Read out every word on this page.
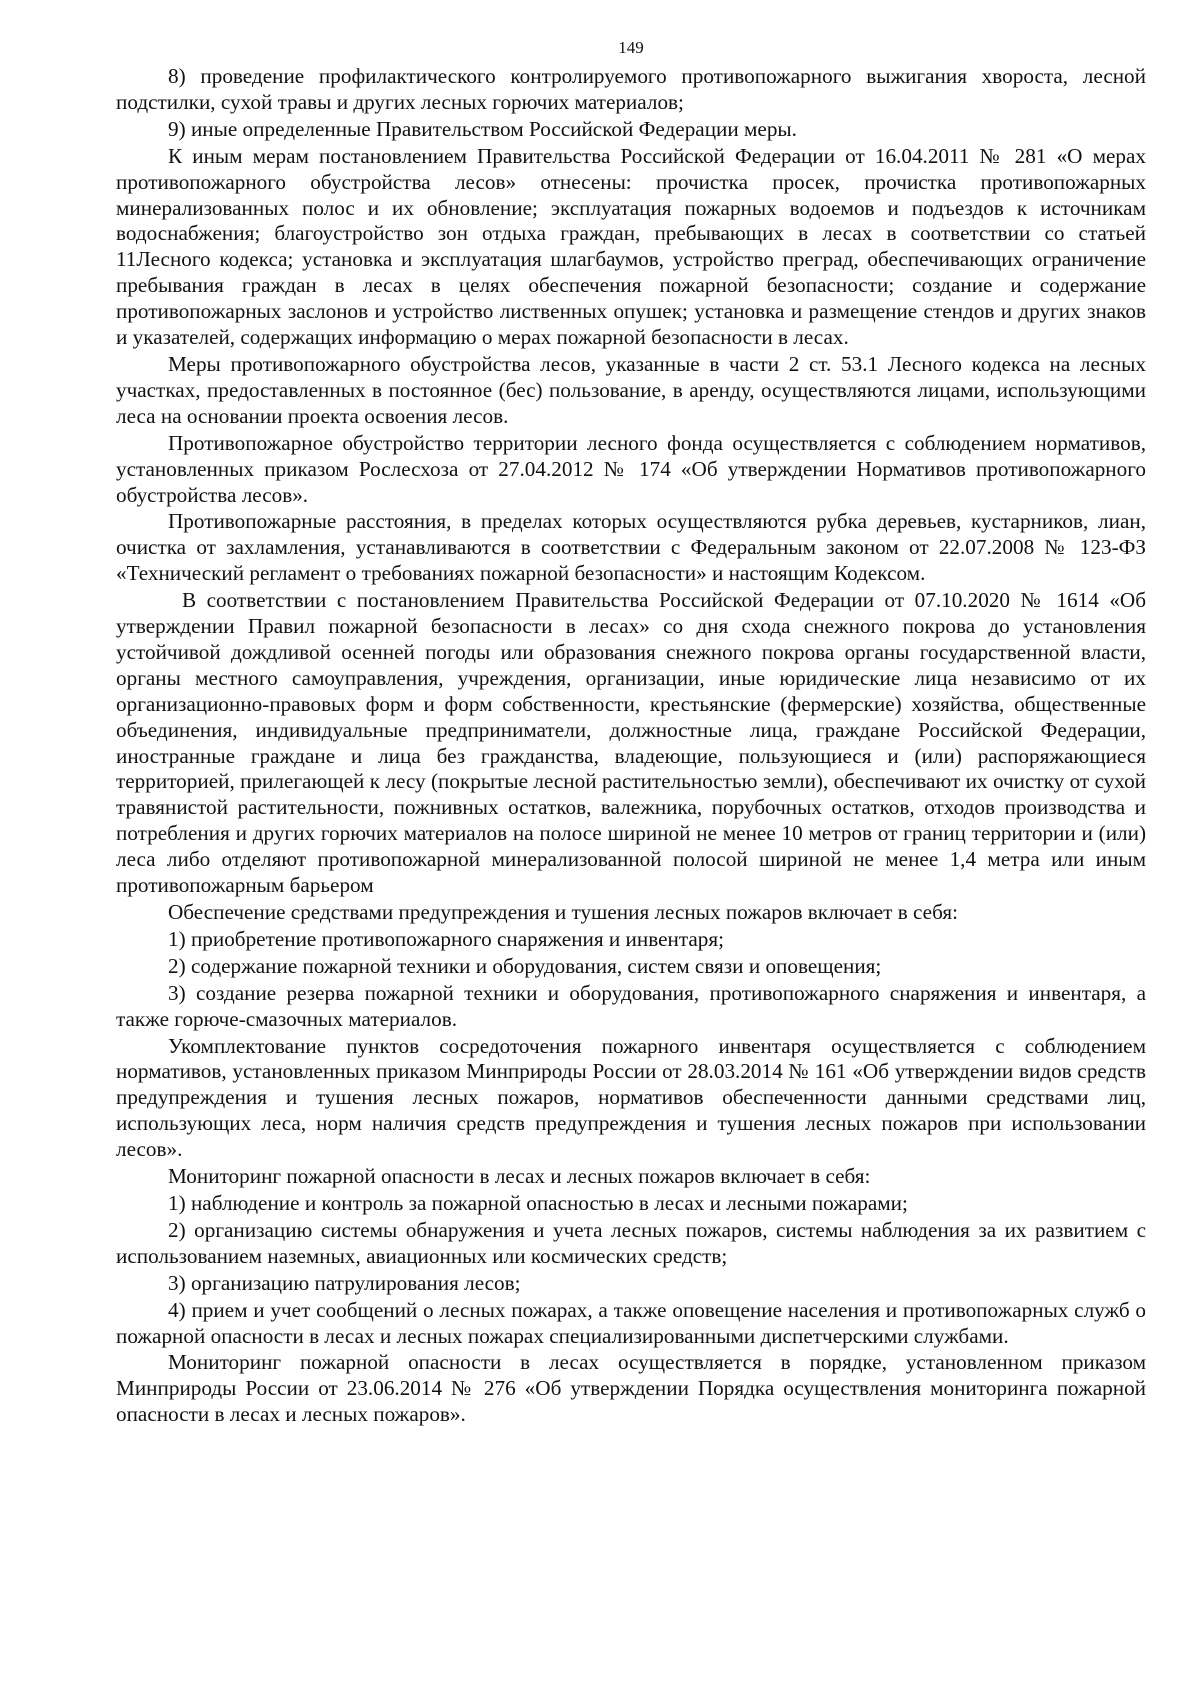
149

8) проведение профилактического контролируемого противопожарного выжигания хвороста, лесной подстилки, сухой травы и других лесных горючих материалов;

9) иные определенные Правительством Российской Федерации меры.

К иным мерам постановлением Правительства Российской Федерации от 16.04.2011 № 281 «О мерах противопожарного обустройства лесов» отнесены: прочистка просек, прочистка противопожарных минерализованных полос и их обновление; эксплуатация пожарных водоемов и подъездов к источникам водоснабжения; благоустройство зон отдыха граждан, пребывающих в лесах в соответствии со статьей 11Лесного кодекса; установка и эксплуатация шлагбаумов, устройство преград, обеспечивающих ограничение пребывания граждан в лесах в целях обеспечения пожарной безопасности; создание и содержание противопожарных заслонов и устройство лиственных опушек; установка и размещение стендов и других знаков и указателей, содержащих информацию о мерах пожарной безопасности в лесах.

Меры противопожарного обустройства лесов, указанные в части 2 ст. 53.1 Лесного кодекса на лесных участках, предоставленных в постоянное (бес) пользование, в аренду, осуществляются лицами, использующими леса на основании проекта освоения лесов.

Противопожарное обустройство территории лесного фонда осуществляется с соблюдением нормативов, установленных приказом Рослесхоза от 27.04.2012 № 174 «Об утверждении Нормативов противопожарного обустройства лесов».

Противопожарные расстояния, в пределах которых осуществляются рубка деревьев, кустарников, лиан, очистка от захламления, устанавливаются в соответствии с Федеральным законом от 22.07.2008 № 123-ФЗ «Технический регламент о требованиях пожарной безопасности» и настоящим Кодексом.

В соответствии с постановлением Правительства Российской Федерации от 07.10.2020 № 1614 «Об утверждении Правил пожарной безопасности в лесах» со дня схода снежного покрова до установления устойчивой дождливой осенней погоды или образования снежного покрова органы государственной власти, органы местного самоуправления, учреждения, организации, иные юридические лица независимо от их организационно-правовых форм и форм собственности, крестьянские (фермерские) хозяйства, общественные объединения, индивидуальные предприниматели, должностные лица, граждане Российской Федерации, иностранные граждане и лица без гражданства, владеющие, пользующиеся и (или) распоряжающиеся территорией, прилегающей к лесу (покрытые лесной растительностью земли), обеспечивают их очистку от сухой травянистой растительности, пожнивных остатков, валежника, порубочных остатков, отходов производства и потребления и других горючих материалов на полосе шириной не менее 10 метров от границ территории и (или) леса либо отделяют противопожарной минерализованной полосой шириной не менее 1,4 метра или иным противопожарным барьером

Обеспечение средствами предупреждения и тушения лесных пожаров включает в себя:

1) приобретение противопожарного снаряжения и инвентаря;

2) содержание пожарной техники и оборудования, систем связи и оповещения;

3) создание резерва пожарной техники и оборудования, противопожарного снаряжения и инвентаря, а также горюче-смазочных материалов.

Укомплектование пунктов сосредоточения пожарного инвентаря осуществляется с соблюдением нормативов, установленных приказом Минприроды России от 28.03.2014 № 161 «Об утверждении видов средств предупреждения и тушения лесных пожаров, нормативов обеспеченности данными средствами лиц, использующих леса, норм наличия средств предупреждения и тушения лесных пожаров при использовании лесов».

Мониторинг пожарной опасности в лесах и лесных пожаров включает в себя:

1) наблюдение и контроль за пожарной опасностью в лесах и лесными пожарами;

2) организацию системы обнаружения и учета лесных пожаров, системы наблюдения за их развитием с использованием наземных, авиационных или космических средств;

3) организацию патрулирования лесов;

4) прием и учет сообщений о лесных пожарах, а также оповещение населения и противопожарных служб о пожарной опасности в лесах и лесных пожарах специализированными диспетчерскими службами.

Мониторинг пожарной опасности в лесах осуществляется в порядке, установленном приказом Минприроды России от 23.06.2014 № 276 «Об утверждении Порядка осуществления мониторинга пожарной опасности в лесах и лесных пожаров».
